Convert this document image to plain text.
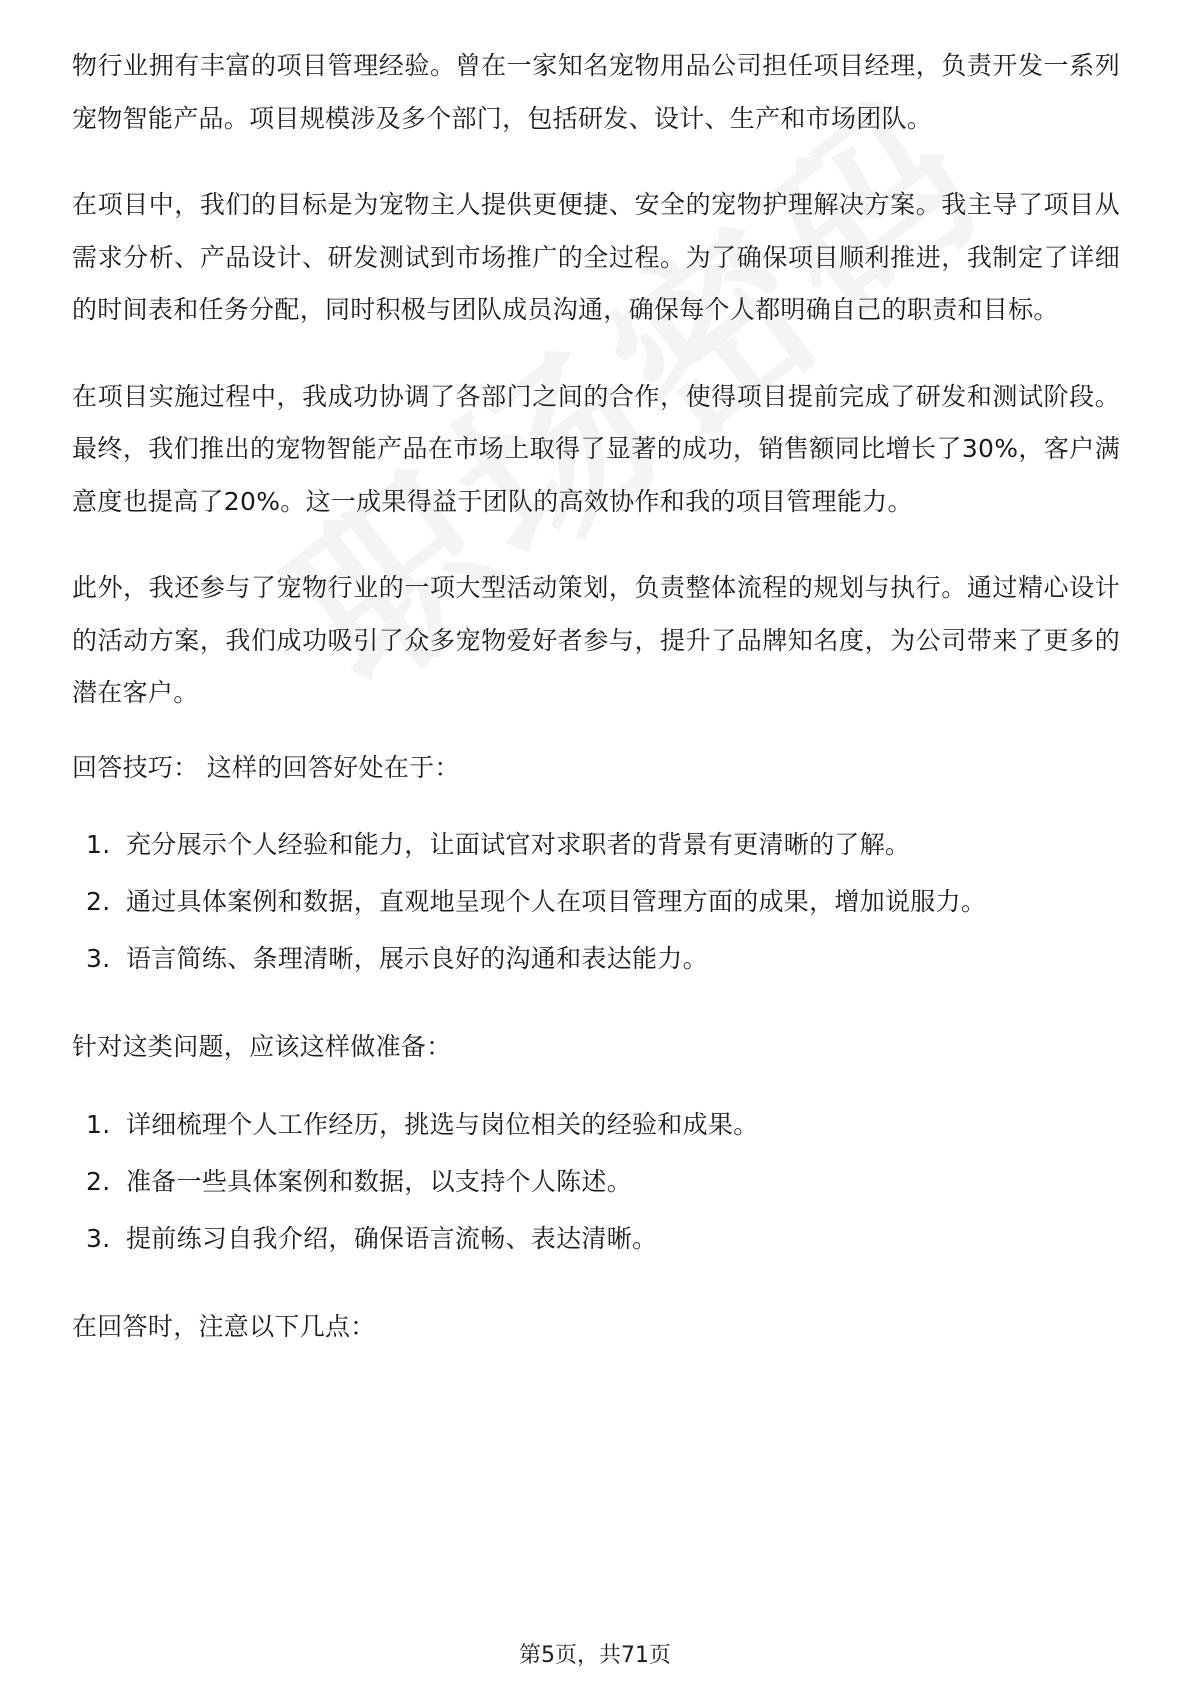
物行业拥有丰富的项目管理经验。曾在一家知名宠物用品公司担任项目经理，负责开发一系列宠物智能产品。项目规模涉及多个部门，包括研发、设计、生产和市场团队。

在项目中，我们的目标是为宠物主人提供更便捷、安全的宠物护理解决方案。我主导了项目从需求分析、产品设计、研发测试到市场推广的全过程。为了确保项目顺利推进，我制定了详细的时间表和任务分配，同时积极与团队成员沟通，确保每个人都明确自己的职责和目标。

在项目实施过程中，我成功协调了各部门之间的合作，使得项目提前完成了研发和测试阶段。最终，我们推出的宠物智能产品在市场上取得了显著的成功，销售额同比增长了30%，客户满意度也提高了20%。这一成果得益于团队的高效协作和我的项目管理能力。

此外，我还参与了宠物行业的一项大型活动策划，负责整体流程的规划与执行。通过精心设计的活动方案，我们成功吸引了众多宠物爱好者参与，提升了品牌知名度，为公司带来了更多的潜在客户。

回答技巧： 这样的回答好处在于：

1. 充分展示个人经验和能力，让面试官对求职者的背景有更清晰的了解。
2. 通过具体案例和数据，直观地呈现个人在项目管理方面的成果，增加说服力。
3. 语言简练、条理清晰，展示良好的沟通和表达能力。

针对这类问题，应该这样做准备：

1. 详细梳理个人工作经历，挑选与岗位相关的经验和成果。
2. 准备一些具体案例和数据，以支持个人陈述。
3. 提前练习自我介绍，确保语言流畅、表达清晰。

在回答时，注意以下几点：

第5页，共71页
